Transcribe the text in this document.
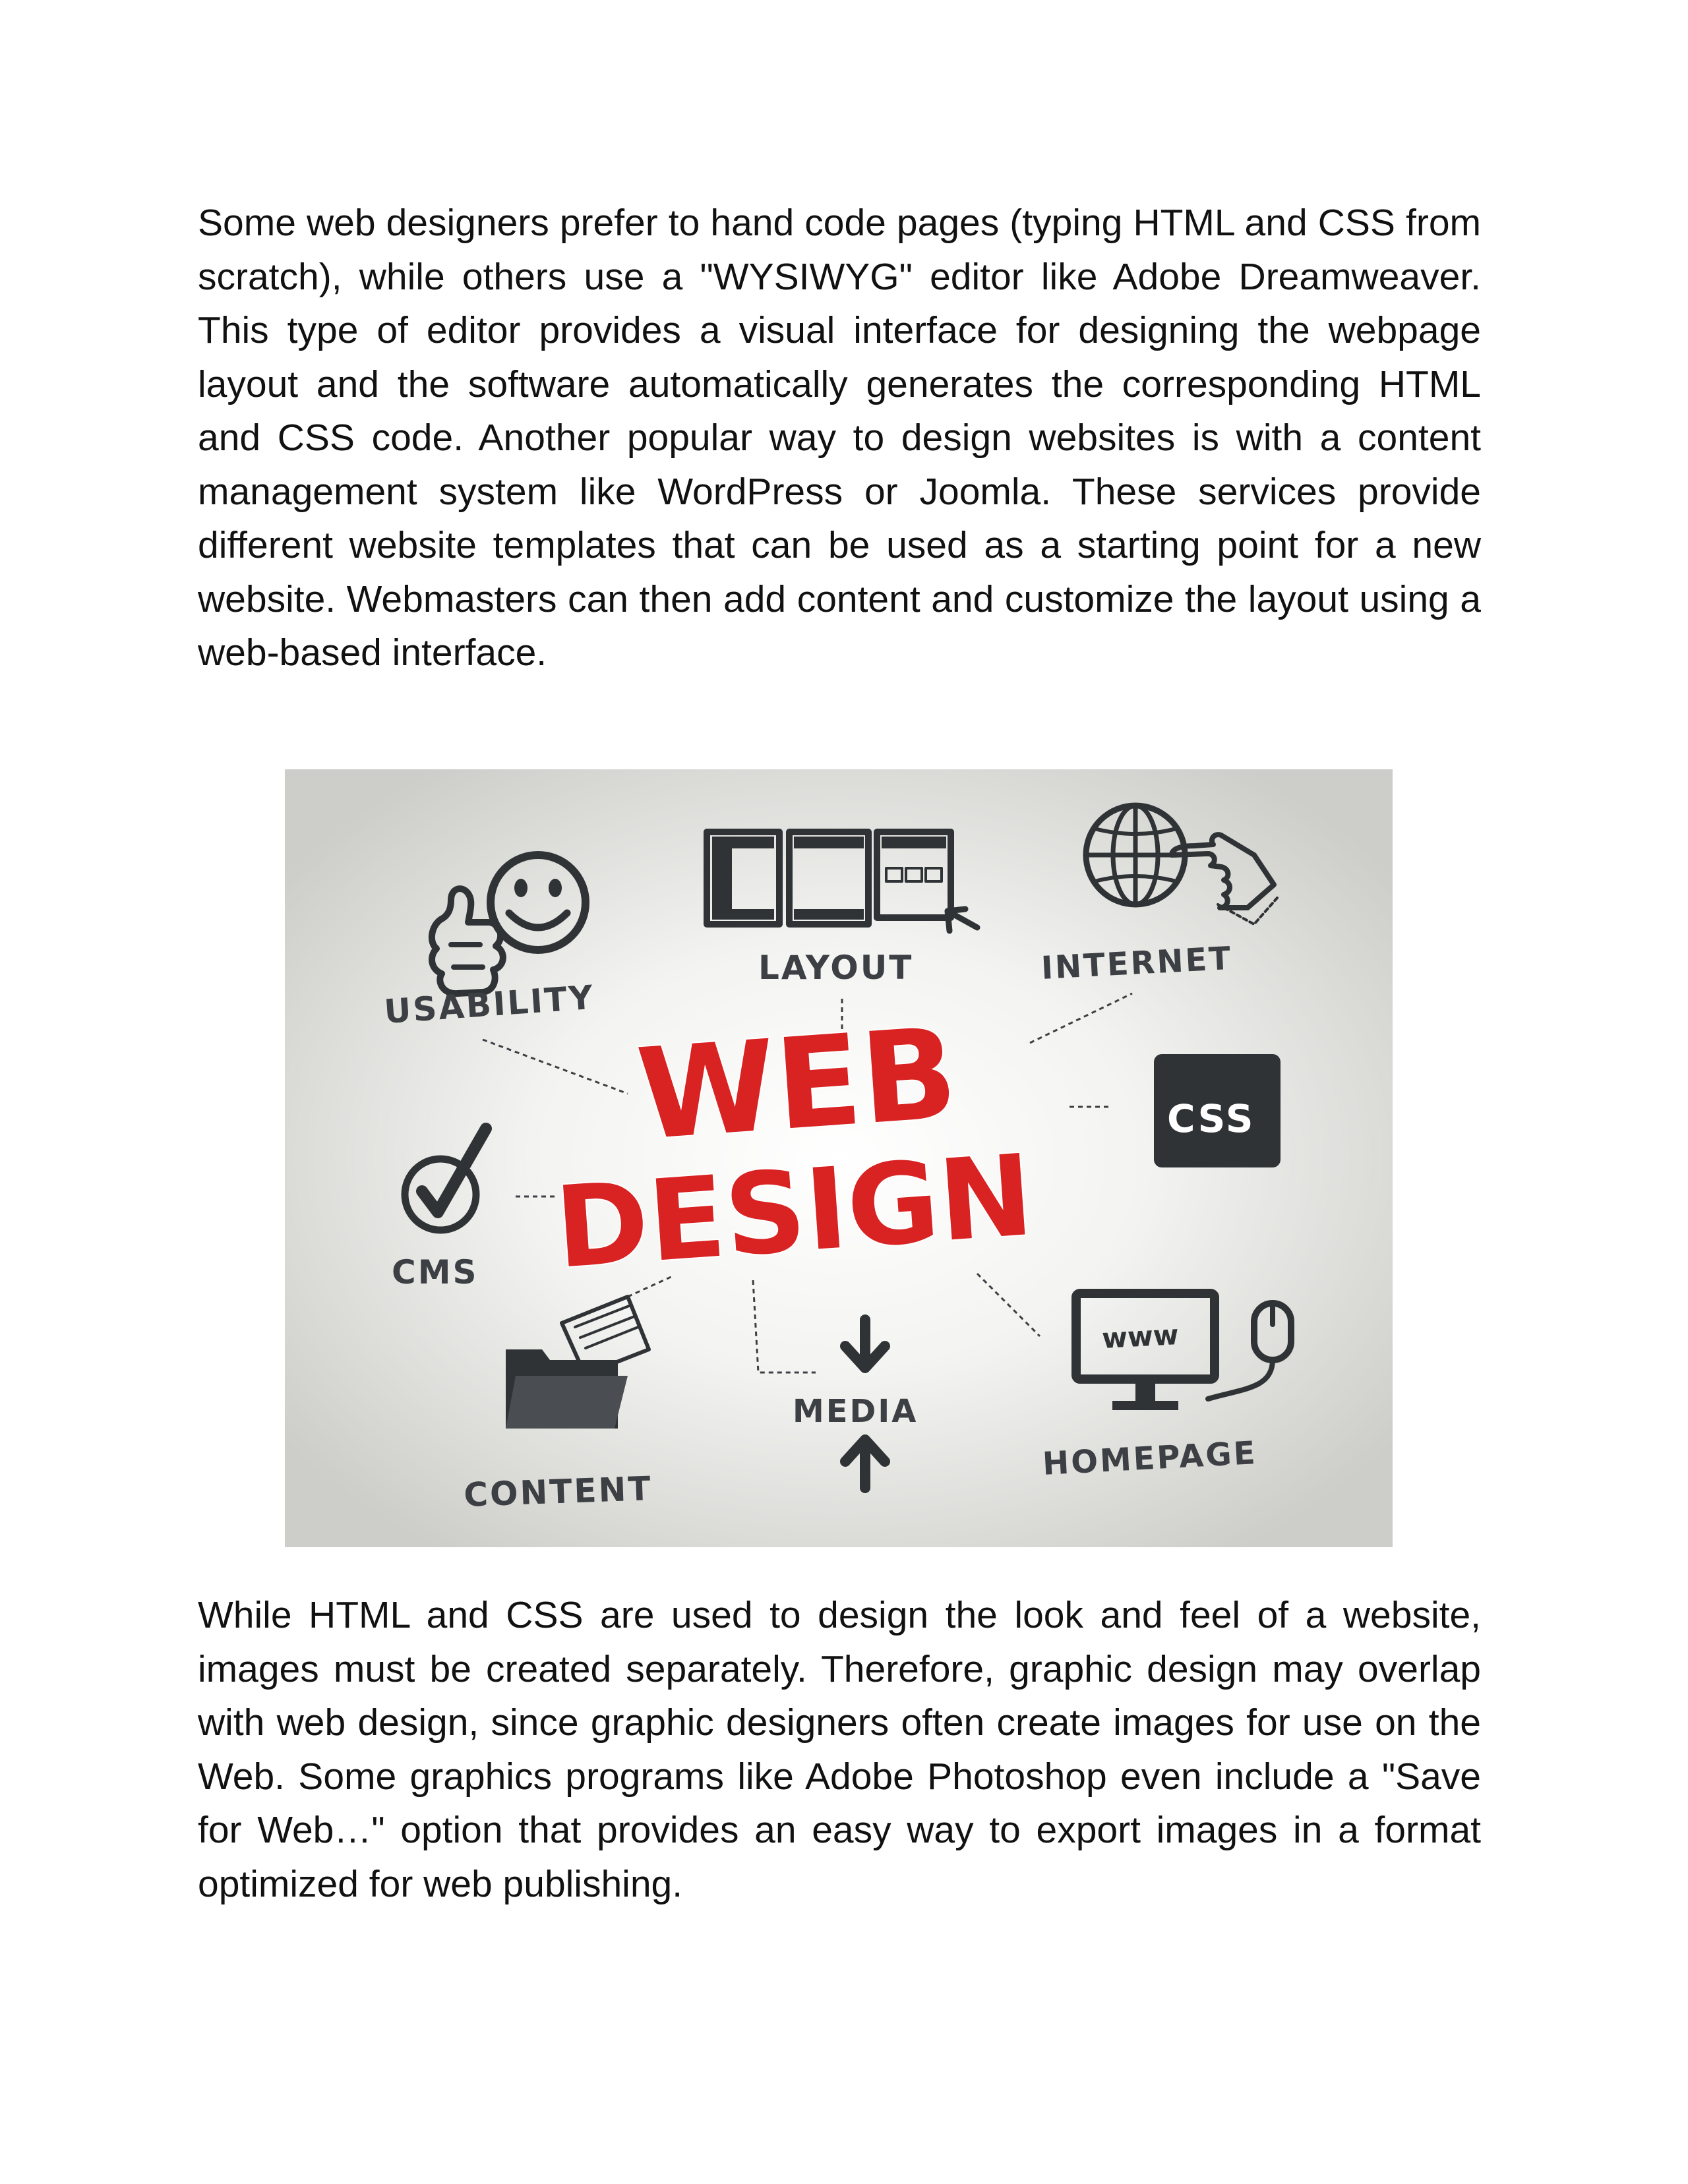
Some web designers prefer to hand code pages (typing HTML and CSS from scratch), while others use a "WYSIWYG" editor like Adobe Dreamweaver. This type of editor provides a visual interface for designing the webpage layout and the software automatically generates the corresponding HTML and CSS code. Another popular way to design websites is with a content management system like WordPress or Joomla. These services provide different website templates that can be used as a starting point for a new website. Webmasters can then add content and customize the layout using a web-based interface.

USABILITY
LAYOUT	INTERNET
WEB
DESIGN
CSS
CMS
CONTENT
MEDIA
www
HOMEPAGE

While HTML and CSS are used to design the look and feel of a website, images must be created separately. Therefore, graphic design may overlap with web design, since graphic designers often create images for use on the Web. Some graphics programs like Adobe Photoshop even include a "Save for Web…" option that provides an easy way to export images in a format optimized for web publishing.
